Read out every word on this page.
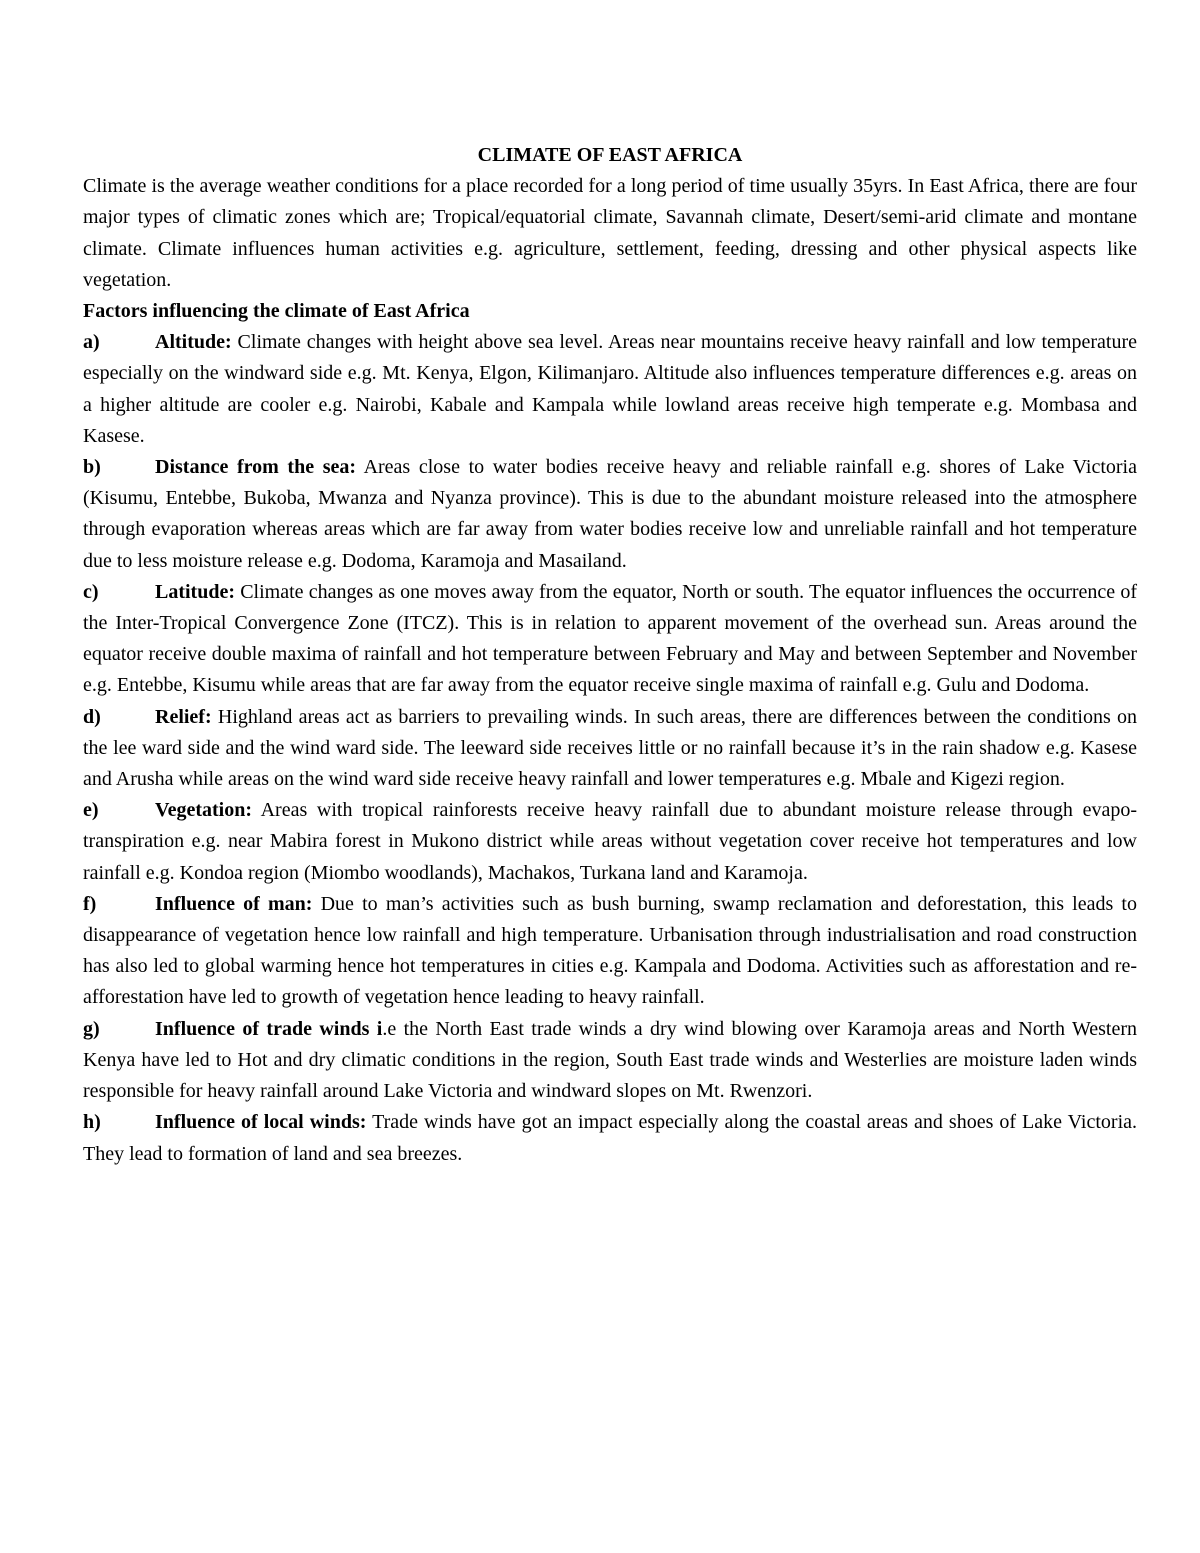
CLIMATE OF EAST AFRICA

Climate is the average weather conditions for a place recorded for a long period of time usually 35yrs. In East Africa, there are four major types of climatic zones which are; Tropical/equatorial climate, Savannah climate, Desert/semi-arid climate and montane climate. Climate influences human activities e.g. agriculture, settlement, feeding, dressing and other physical aspects like vegetation.

Factors influencing the climate of East Africa

a)	Altitude: Climate changes with height above sea level. Areas near mountains receive heavy rainfall and low temperature especially on the windward side e.g. Mt. Kenya, Elgon, Kilimanjaro. Altitude also influences temperature differences e.g. areas on a higher altitude are cooler e.g. Nairobi, Kabale and Kampala while lowland areas receive high temperate e.g. Mombasa and Kasese.

b)	Distance from the sea: Areas close to water bodies receive heavy and reliable rainfall e.g. shores of Lake Victoria (Kisumu, Entebbe, Bukoba, Mwanza and Nyanza province). This is due to the abundant moisture released into the atmosphere through evaporation whereas areas which are far away from water bodies receive low and unreliable rainfall and hot temperature due to less moisture release e.g. Dodoma, Karamoja and Masailand.

c)	Latitude: Climate changes as one moves away from the equator, North or south. The equator influences the occurrence of the Inter-Tropical Convergence Zone (ITCZ). This is in relation to apparent movement of the overhead sun. Areas around the equator receive double maxima of rainfall and hot temperature between February and May and between September and November e.g. Entebbe, Kisumu while areas that are far away from the equator receive single maxima of rainfall e.g. Gulu and Dodoma.

d)	Relief: Highland areas act as barriers to prevailing winds. In such areas, there are differences between the conditions on the lee ward side and the wind ward side. The leeward side receives little or no rainfall because it’s in the rain shadow e.g. Kasese and Arusha while areas on the wind ward side receive heavy rainfall and lower temperatures e.g. Mbale and Kigezi region.

e)	Vegetation: Areas with tropical rainforests receive heavy rainfall due to abundant moisture release through evapo-transpiration e.g. near Mabira forest in Mukono district while areas without vegetation cover receive hot temperatures and low rainfall e.g. Kondoa region (Miombo woodlands), Machakos, Turkana land and Karamoja.

f)	Influence of man: Due to man’s activities such as bush burning, swamp reclamation and deforestation, this leads to disappearance of vegetation hence low rainfall and high temperature. Urbanisation through industrialisation and road construction has also led to global warming hence hot temperatures in cities e.g. Kampala and Dodoma. Activities such as afforestation and re-afforestation have led to growth of vegetation hence leading to heavy rainfall.

g)	Influence of trade winds i.e the North East trade winds a dry wind blowing over Karamoja areas and North Western Kenya have led to Hot and dry climatic conditions in the region, South East trade winds and Westerlies are moisture laden winds responsible for heavy rainfall around Lake Victoria and windward slopes on Mt. Rwenzori.

h)	Influence of local winds: Trade winds have got an impact especially along the coastal areas and shoes of Lake Victoria. They lead to formation of land and sea breezes.
